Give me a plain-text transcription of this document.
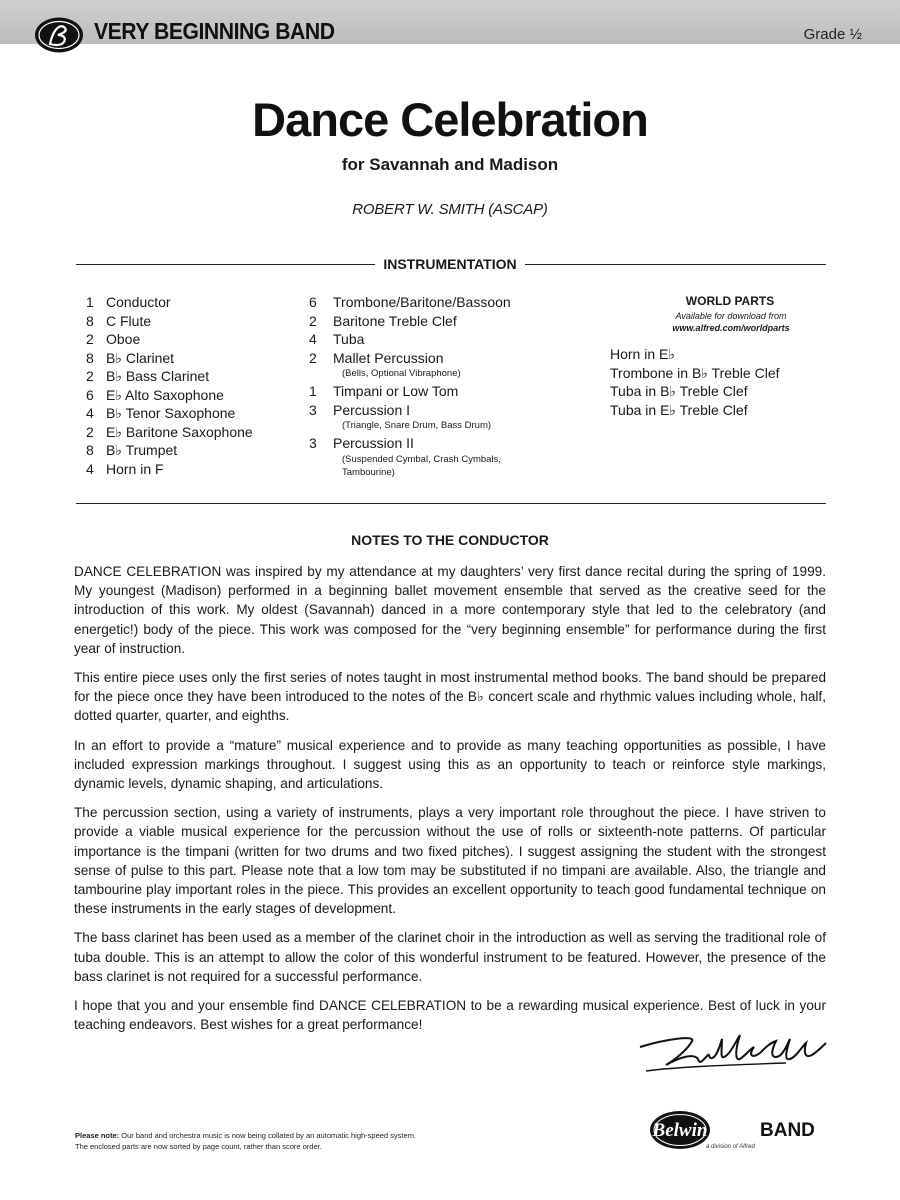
VERY BEGINNING BAND	Grade ½
Dance Celebration
for Savannah and Madison
ROBERT W. SMITH (ASCAP)
INSTRUMENTATION
1 Conductor
8 C Flute
2 Oboe
8 B♭ Clarinet
2 B♭ Bass Clarinet
6 E♭ Alto Saxophone
4 B♭ Tenor Saxophone
2 E♭ Baritone Saxophone
8 B♭ Trumpet
4 Horn in F
6	Trombone/Baritone/Bassoon
2	Baritone Treble Clef
4	Tuba
2	Mallet Percussion
(Bells, Optional Vibraphone)
1	Timpani or Low Tom
3	Percussion I
(Triangle, Snare Drum, Bass Drum)
3	Percussion II
(Suspended Cymbal, Crash Cymbals,
Tambourine)
WORLD PARTS
Available for download from
www.alfred.com/worldparts
Horn in E♭
Trombone in B♭ Treble Clef
Tuba in B♭ Treble Clef
Tuba in E♭ Treble Clef
NOTES TO THE CONDUCTOR

DANCE CELEBRATION was inspired by my attendance at my daughters’ very first dance recital during the spring of 1999. My youngest (Madison) performed in a beginning ballet movement ensemble that served as the creative seed for the introduction of this work. My oldest (Savannah) danced in a more contemporary style that led to the celebratory (and energetic!) body of the piece. This work was composed for the “very beginning ensemble” for performance during the first year of instruction.

This entire piece uses only the first series of notes taught in most instrumental method books. The band should be prepared for the piece once they have been introduced to the notes of the B♭ concert scale and rhythmic values including whole, half, dotted quarter, quarter, and eighths.

In an effort to provide a “mature” musical experience and to provide as many teaching opportunities as possible, I have included expression markings throughout. I suggest using this as an opportunity to teach or reinforce style markings, dynamic levels, dynamic shaping, and articulations.

The percussion section, using a variety of instruments, plays a very important role throughout the piece. I have striven to provide a viable musical experience for the percussion without the use of rolls or sixteenth-note patterns. Of particular importance is the timpani (written for two drums and two fixed pitches). I suggest assigning the student with the strongest sense of pulse to this part. Please note that a low tom may be substituted if no timpani are available. Also, the triangle and tambourine play important roles in the piece. This provides an excellent opportunity to teach good fundamental technique on these instruments in the early stages of development.

The bass clarinet has been used as a member of the clarinet choir in the introduction as well as serving the traditional role of tuba double. This is an attempt to allow the color of this wonderful instrument to be featured. However, the presence of the bass clarinet is not required for a successful performance.

I hope that you and your ensemble find DANCE CELEBRATION to be a rewarding musical experience. Best of luck in your teaching endeavors. Best wishes for a great performance!

Please note: Our band and orchestra music is now being collated by an automatic high-speed system.
The enclosed parts are now sorted by page count, rather than score order.
Belwin	BAND
a division of Alfred
